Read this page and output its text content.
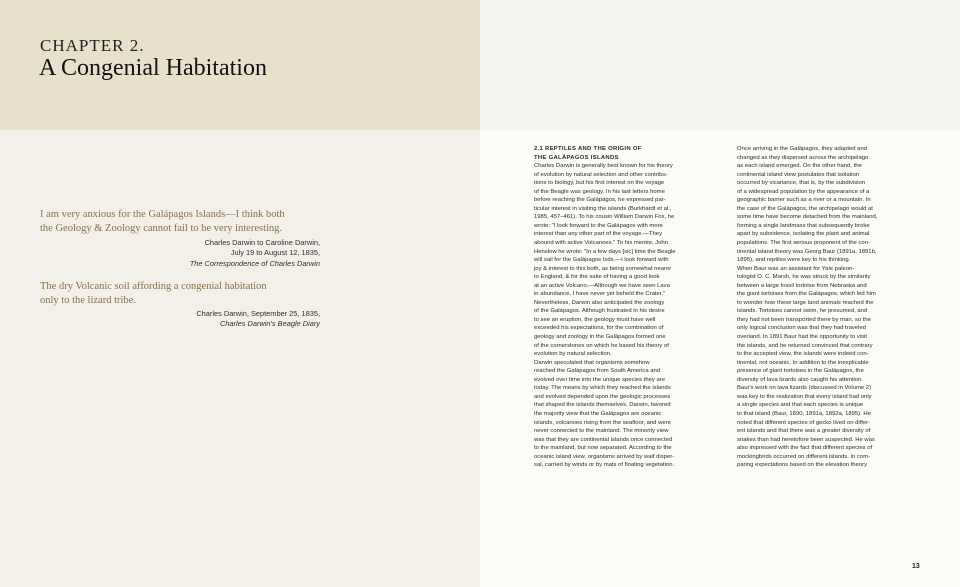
CHAPTER 2.
A Congenial Habitation
I am very anxious for the Galápagos Islands—I think both
the Geology & Zoology cannot fail to be very interesting.
Charles Darwin to Caroline Darwin,
July 19 to August 12, 1835,
The Correspondence of Charles Darwin
The dry Volcanic soil affording a congenial habitation
only to the lizard tribe.
Charles Darwin, September 25, 1835,
Charles Darwin's Beagle Diary
2.1 REPTILES AND THE ORIGIN OF
THE GALÁPAGOS ISLANDS
Charles Darwin is generally best known for his theory
of evolution by natural selection and other contribu-
tions to biology, but his first interest on the voyage
of the Beagle was geology. In his last letters home
before reaching the Galápagos, he expressed par-
ticular interest in visiting the islands (Burkhardt et al.,
1985, 457–461). To his cousin William Darwin Fox, he
wrote: "I look forward to the Galápagos with more
interest than any other part of the voyage.—They
abound with active Volcanoes." To his mentor, John
Henslow he wrote: "In a few days [sic] time the Beagle
will sail for the Galápagos Isds.—I look forward with
joy & interest to this both, as being somewhat nearer
to England, & for the sake of having a good look
at an active Volcano.—Although we have seen Lava
in abundance, I have never yet beheld the Crater."
Nevertheless, Darwin also anticipated the zoology
of the Galápagos. Although frustrated in his desire
to see an eruption, the geology must have well
exceeded his expectations, for the combination of
geology and zoology in the Galápagos formed one
of the cornerstones on which he based his theory of
evolution by natural selection.
Darwin speculated that organisms somehow
reached the Galápagos from South America and
evolved over time into the unique species they are
today. The means by which they reached the islands
and evolved depended upon the geologic processes
that shaped the islands themselves. Darwin, favored
the majority view that the Galápagos are oceanic
islands, volcanoes rising from the seafloor, and were
never connected to the mainland. The minority view
was that they are continental islands once connected
to the mainland, but now separated. According to the
oceanic island view, organisms arrived by waif disper-
sal, carried by winds or by mats of floating vegetation.
Once arriving in the Galápagos, they adapted and
changed as they dispersed across the archipelago
as each island emerged. On the other hand, the
continental island view postulates that isolation
occurred by vicariance, that is, by the subdivision
of a widespread population by the appearance of a
geographic barrier such as a river or a mountain. In
the case of the Galápagos, the archipelago would at
some time have become detached from the mainland,
forming a single landmass that subsequently broke
apart by subsidence, isolating the plant and animal
populations. The first serious proponent of the con-
tinental island theory was Georg Baur (1891a, 1891b,
1895), and reptiles were key to his thinking.
When Baur was an assistant for Yale paleon-
tologist O. C. Marsh, he was struck by the similarity
between a large fossil tortoise from Nebraska and
the giant tortoises from the Galápagos, which led him
to wonder how these large land animals reached the
islands. Tortoises cannot swim, he presumed, and
they had not been transported there by man, so the
only logical conclusion was that they had traveled
overland. In 1891 Baur had the opportunity to visit
the islands, and he returned convinced that contrary
to the accepted view, the islands were indeed con-
tinental, not oceanic. In addition to the inexplicable
presence of giant tortoises in the Galápagos, the
diversity of lava lizards also caught his attention.
Baur's work on lava lizards (discussed in Volume 2)
was key to the realization that every island had only
a single species and that each species is unique
to that island (Baur, 1890, 1891a, 1892a, 1895). He
noted that different species of gecko lived on differ-
ent islands and that there was a greater diversity of
snakes than had heretofore been suspected. He was
also impressed with the fact that different species of
mockingbirds occurred on different islands. In com-
paring expectations based on the elevation theory
13
